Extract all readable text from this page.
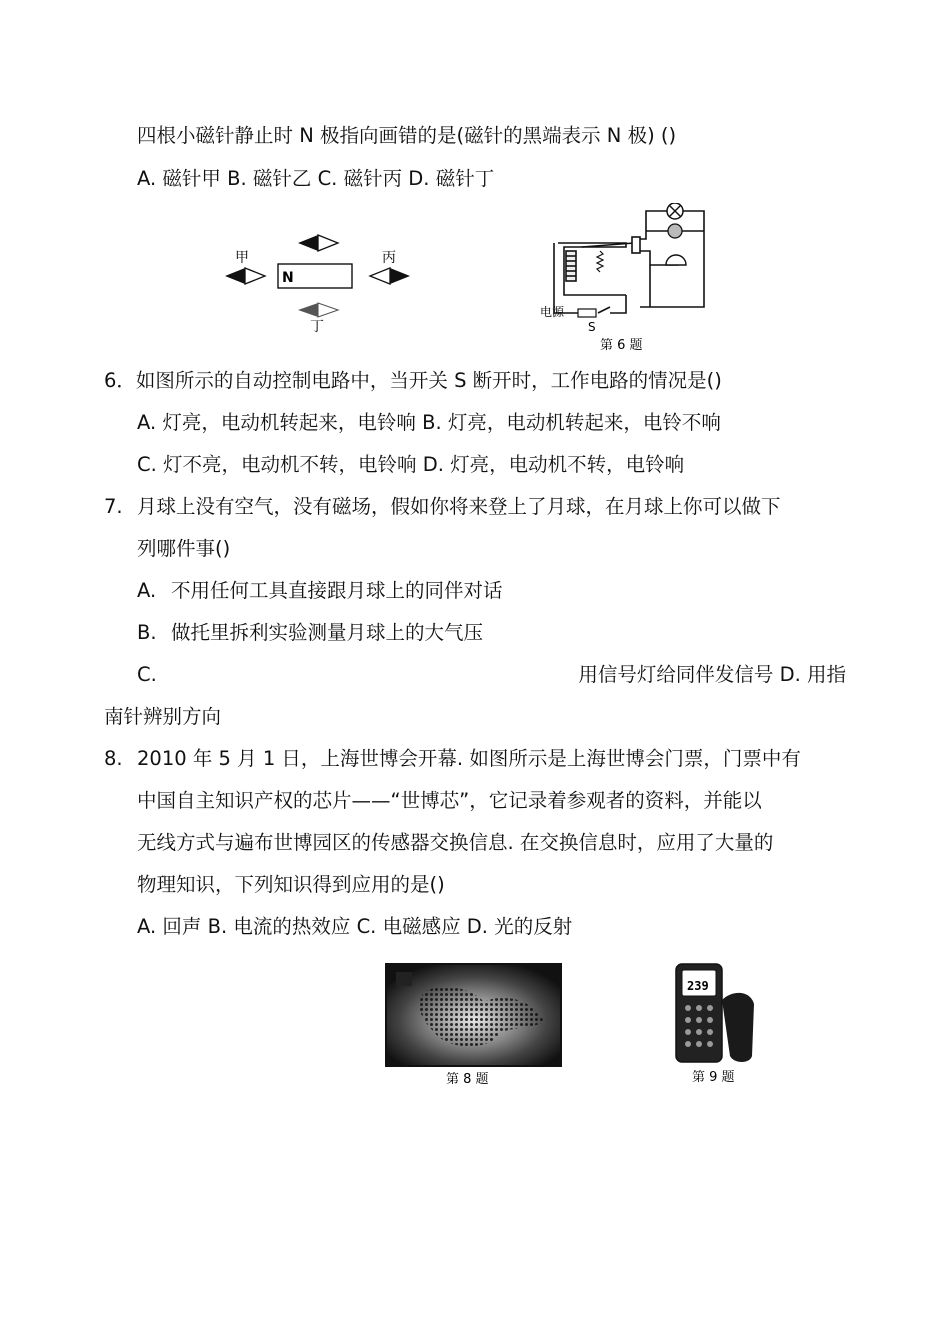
四根小磁针静止时 N 极指向画错的是(磁针的黑端表示 N 极) ()
A. 磁针甲 B. 磁针乙 C. 磁针丙 D. 磁针丁
N
甲	丙
丁
电源
S
第 6 题
6．如图所示的自动控制电路中，当开关 S 断开时，工作电路的情况是()
A. 灯亮，电动机转起来，电铃响 B. 灯亮，电动机转起来，电铃不响
C. 灯不亮，电动机不转，电铃响 D. 灯亮，电动机不转，电铃响
7. 月球上没有空气，没有磁场，假如你将来登上了月球，在月球上你可以做下
列哪件事()
A. 不用任何工具直接跟月球上的同伴对话
B. 做托里拆利实验测量月球上的大气压
C.	用信号灯给同伴发信号 D. 用指
南针辨别方向
8. 2010 年 5 月 1 日，上海世博会开幕. 如图所示是上海世博会门票，门票中有
中国自主知识产权的芯片——“世博芯”，它记录着参观者的资料，并能以
无线方式与遍布世博园区的传感器交换信息. 在交换信息时，应用了大量的
物理知识，下列知识得到应用的是()
A. 回声 B. 电流的热效应 C. 电磁感应 D. 光的反射
第 8 题
239
第 9 题
